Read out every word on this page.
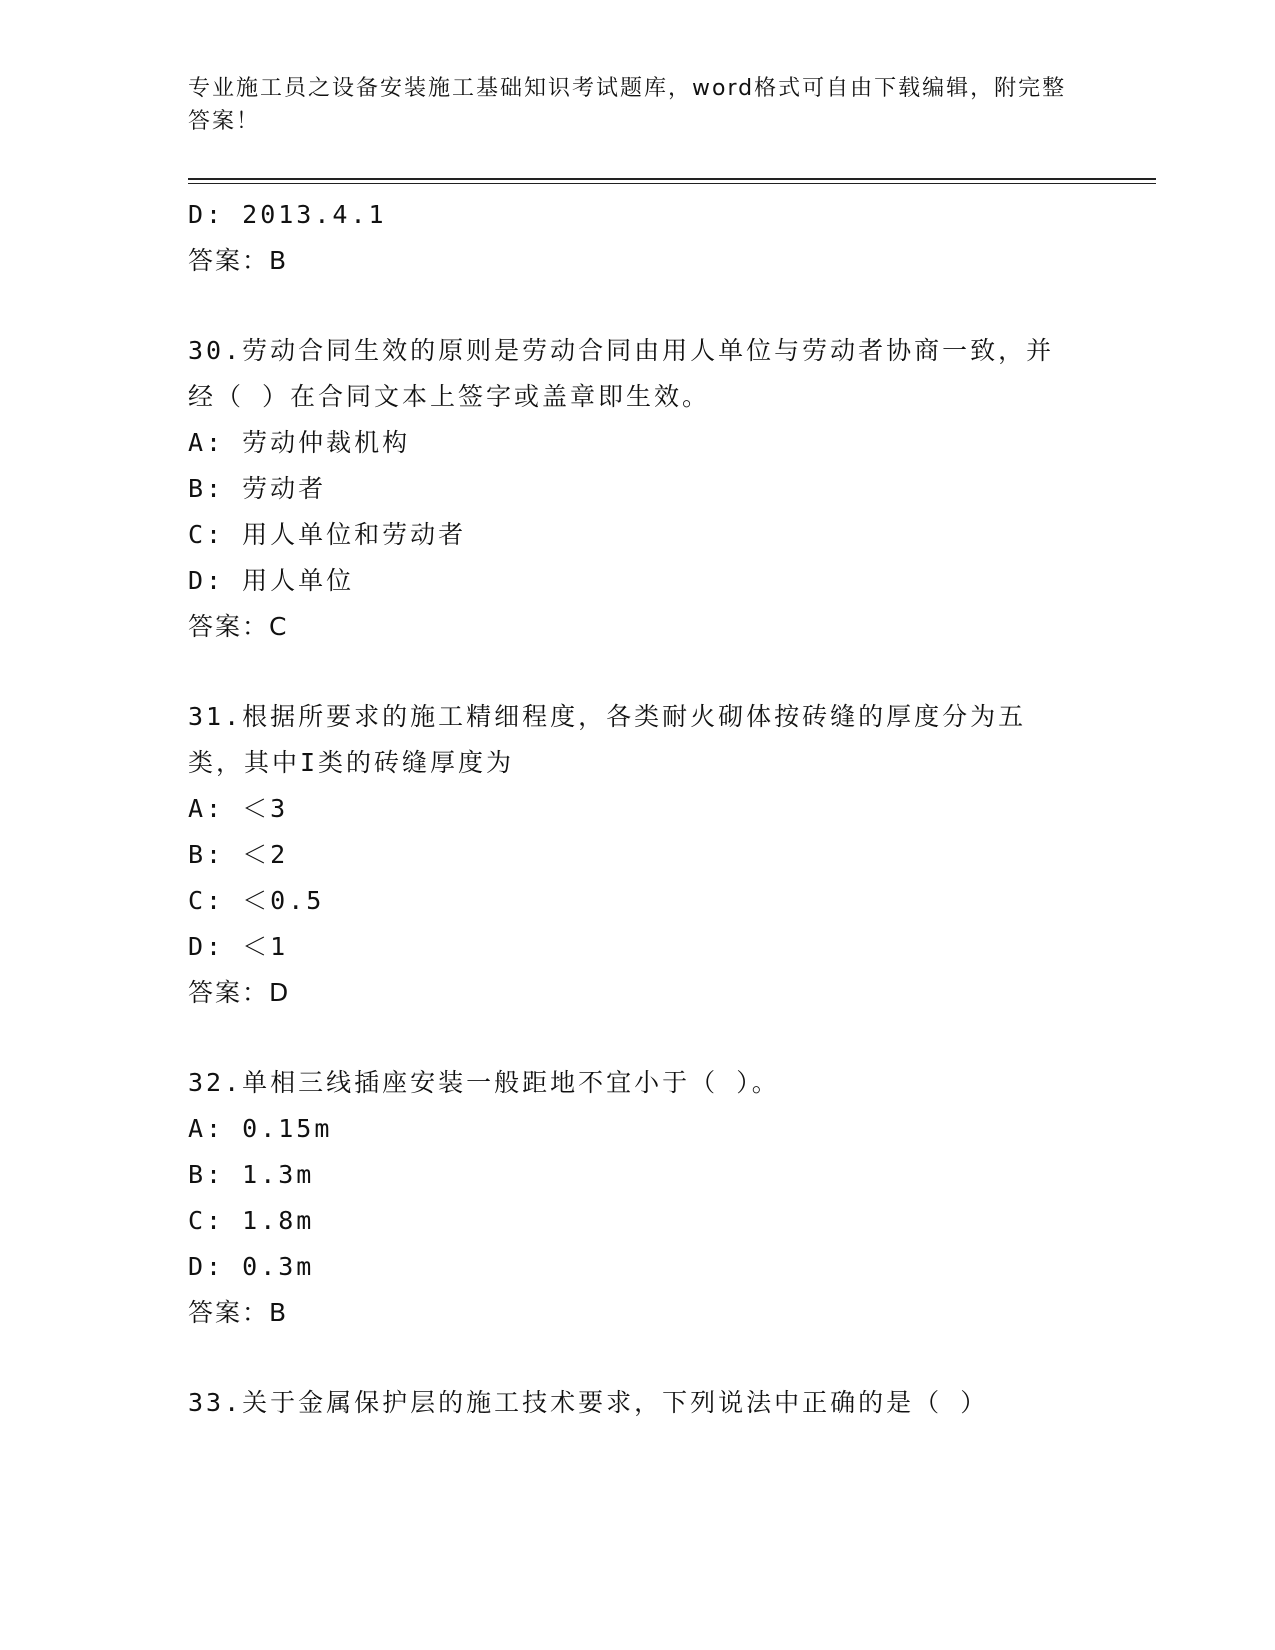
专业施工员之设备安装施工基础知识考试题库，word格式可自由下载编辑，附完整答案！
D: 2013.4.1
答案：B
30.劳动合同生效的原则是劳动合同由用人单位与劳动者协商一致，并经（ ）在合同文本上签字或盖章即生效。
A: 劳动仲裁机构
B: 劳动者
C: 用人单位和劳动者
D: 用人单位
答案：C
31.根据所要求的施工精细程度，各类耐火砌体按砖缝的厚度分为五类，其中I类的砖缝厚度为
A: ＜3
B: ＜2
C: ＜0.5
D: ＜1
答案：D
32.单相三线插座安装一般距地不宜小于（ ）。
A: 0.15m
B: 1.3m
C: 1.8m
D: 0.3m
答案：B
33.关于金属保护层的施工技术要求，下列说法中正确的是（ ）
